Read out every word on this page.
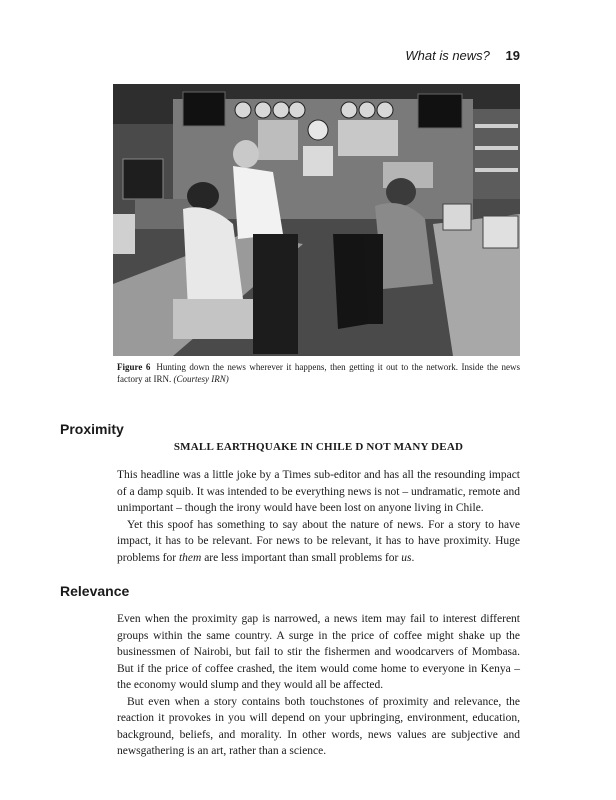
What is news? 19
Figure 6 Hunting down the news wherever it happens, then getting it out to the network. Inside the news factory at IRN. (Courtesy IRN)
Proximity
SMALL EARTHQUAKE IN CHILE D NOT MANY DEAD

This headline was a little joke by a Times sub-editor and has all the resounding impact of a damp squib. It was intended to be everything news is not – undramatic, remote and unimportant – though the irony would have been lost on anyone living in Chile.

Yet this spoof has something to say about the nature of news. For a story to have impact, it has to be relevant. For news to be relevant, it has to have proximity. Huge problems for them are less important than small problems for us.

Relevance

Even when the proximity gap is narrowed, a news item may fail to interest different groups within the same country. A surge in the price of coffee might shake up the businessmen of Nairobi, but fail to stir the fishermen and woodcarvers of Mombasa. But if the price of coffee crashed, the item would come home to everyone in Kenya – the economy would slump and they would all be affected.

But even when a story contains both touchstones of proximity and relevance, the reaction it provokes in you will depend on your upbringing, environment, education, background, beliefs, and morality. In other words, news values are subjective and newsgathering is an art, rather than a science.
